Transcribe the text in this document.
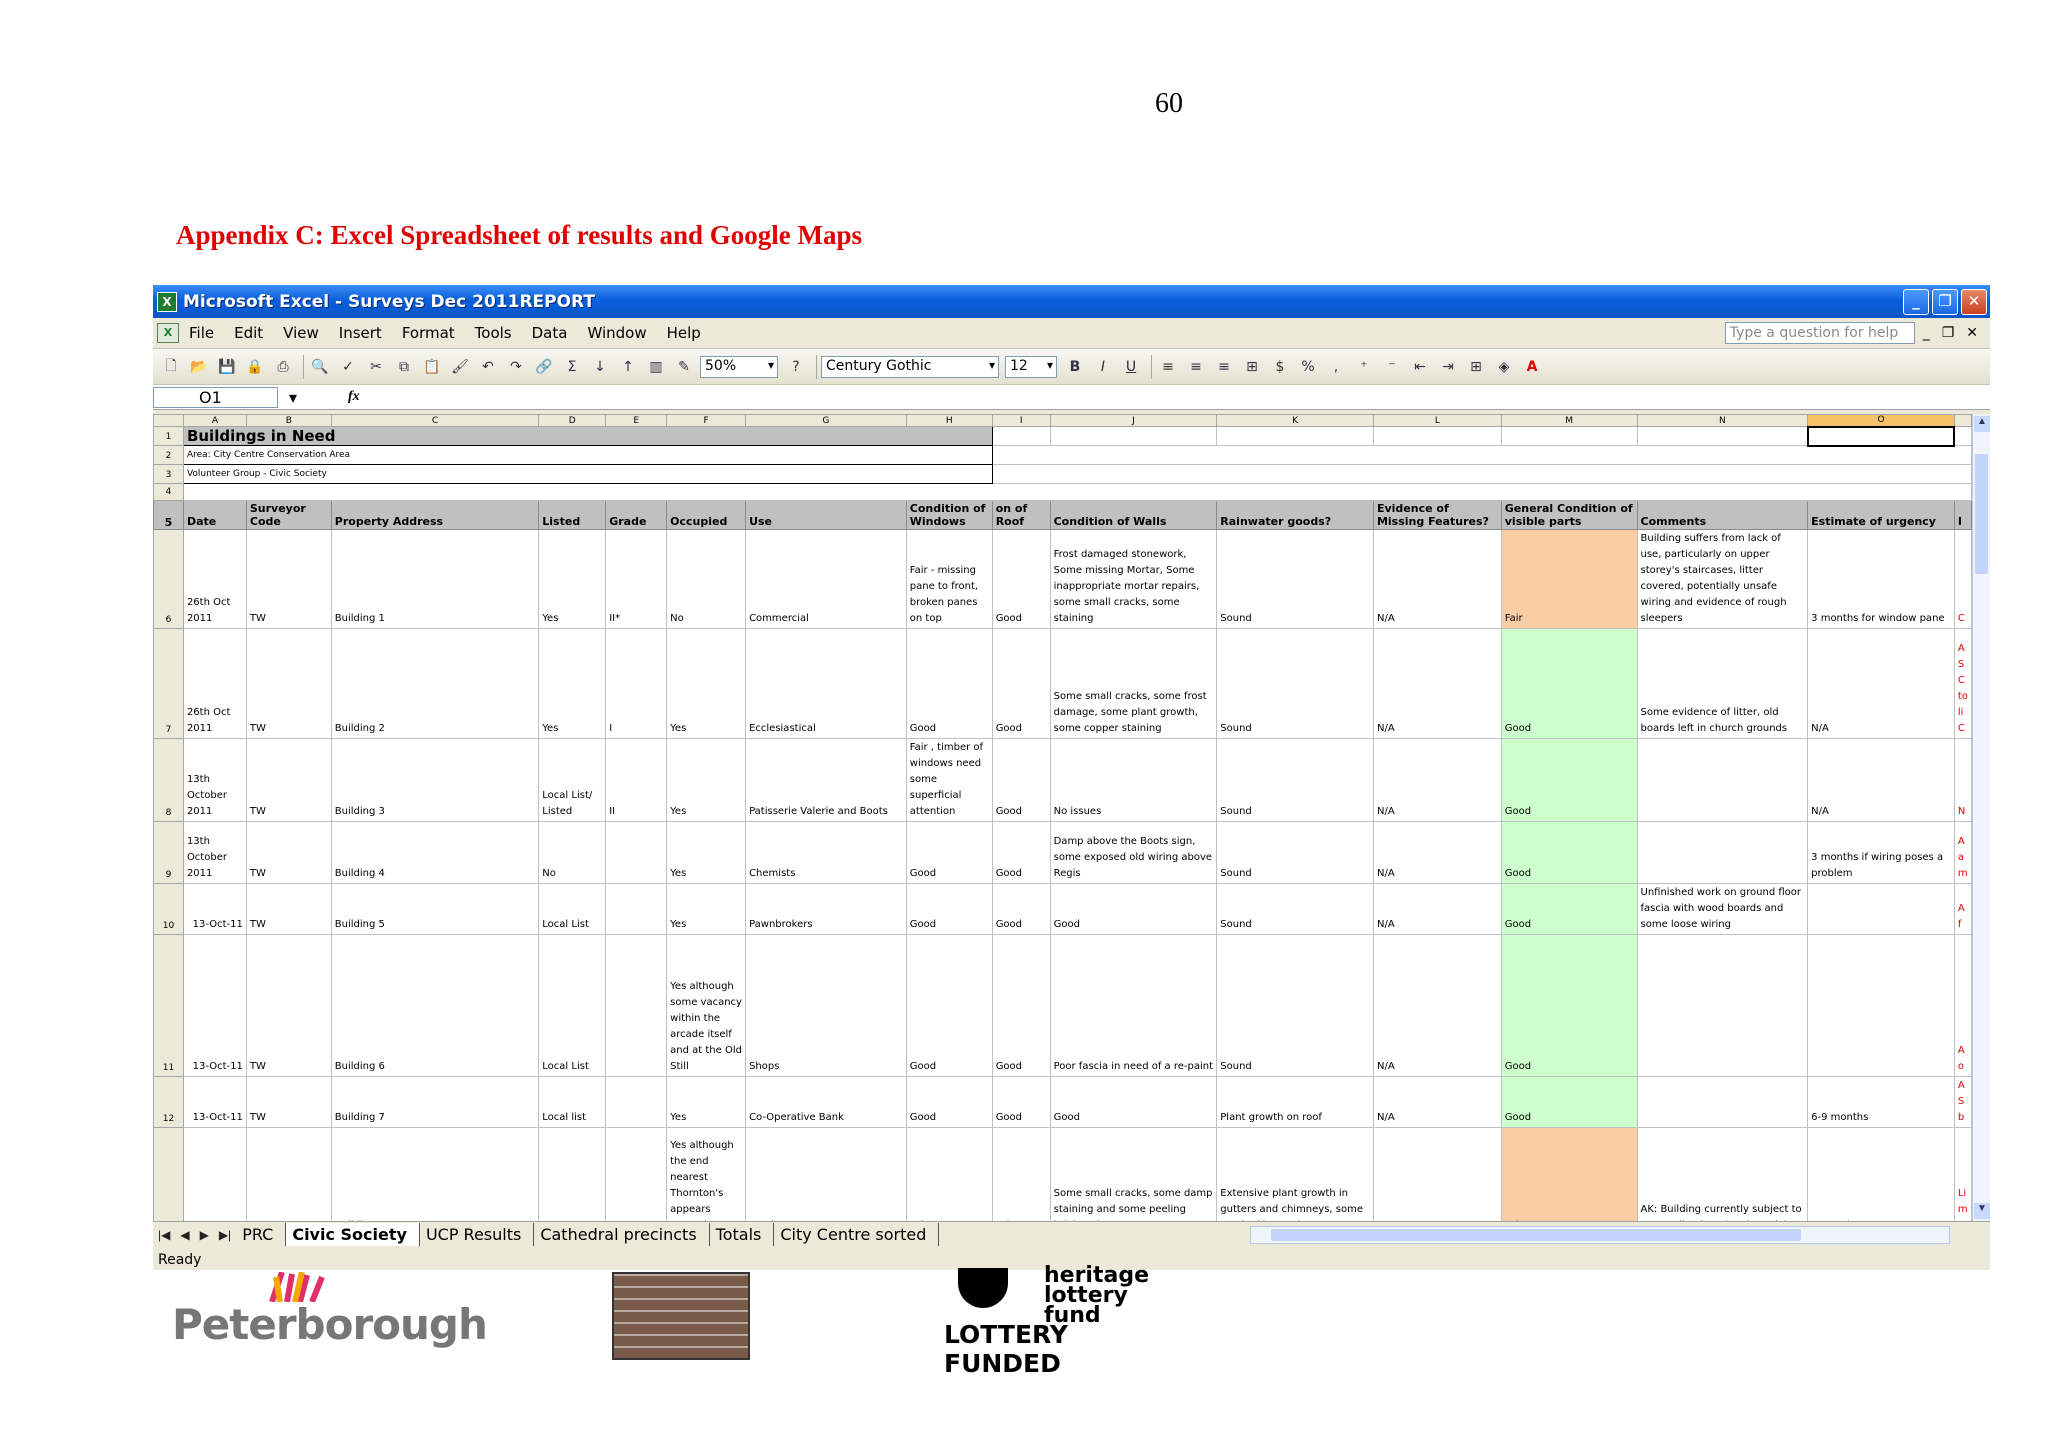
60
Appendix C: Excel Spreadsheet of results and Google Maps
X Microsoft Excel - Surveys Dec 2011REPORT	_	❐	✕
X	File Edit View Insert Format Tools Data Window Help	Type a question for help	_ ❐ ✕
🗋 📂 💾 🔒 ⎙	🔍 ✓	✂	⧉	📋 🖌 ↶	↷ 🔗	Σ	↓	↑	▥	✎	50% ▾	?	Century Gothic ▾	12 ▾	B	I	U	≡	≡	≡	⊞	$	%	,	⁺	⁻	⇤	⇥	⊞	◈	A
O1 ▾	fx
	A	B	C	D	E	F	G	H	I	J	K	L	M	N	O	
1	Buildings in Need															
2	Area: City Centre Conservation Area															
3	Volunteer Group - Civic Society															
4																
5	Date	Surveyor Code	Property Address	Listed	Grade	Occupied	Use	Condition of Windows	on of Roof	Condition of Walls	Rainwater goods?	Evidence of Missing Features?	General Condition of visible parts	Comments	Estimate of urgency	I
6	26th Oct 2011	TW	Building 1	Yes	II*	No	Commercial	Fair - missing pane to front, broken panes on top	Good	Frost damaged stonework, Some missing Mortar, Some inappropriate mortar repairs, some small cracks, some staining	Sound	N/A	Fair	Building suffers from lack of use, particularly on upper storey's staircases, litter covered, potentially unsafe wiring and evidence of rough sleepers	3 months for window pane	C
7	26th Oct 2011	TW	Building 2	Yes	I	Yes	Ecclesiastical	Good	Good	Some small cracks, some frost damage, some plant growth, some copper staining	Sound	N/A	Good	Some evidence of litter, old boards left in church grounds	N/A	A S C to li C
8	13th October 2011	TW	Building 3	Local List/ Listed	II	Yes	Patisserie Valerie and Boots	Fair , timber of windows need some superficial attention	Good	No issues	Sound	N/A	Good		N/A	N
9	13th October 2011	TW	Building 4	No		Yes	Chemists	Good	Good	Damp above the Boots sign, some exposed old wiring above Regis	Sound	N/A	Good		3 months if wiring poses a problem	A a m
10	13-Oct-11	TW	Building 5	Local List		Yes	Pawnbrokers	Good	Good	Good	Sound	N/A	Good	Unfinished work on ground floor fascia with wood boards and some loose wiring		A f
11	13-Oct-11	TW	Building 6	Local List		Yes although some vacancy within the arcade itself and at the Old Still	Shops	Good	Good	Poor fascia in need of a re-paint	Sound	N/A	Good			A o
12	13-Oct-11	TW	Building 7	Local list		Yes	Co-Operative Bank	Good	Good	Good	Plant growth on roof	N/A	Good		6-9 months	A S b
						Yes although the end nearest Thornton's appears				Some small cracks, some damp staining and some peeling	Extensive plant growth in gutters and chimneys, some			AK: Building currently subject to		Li m

▲
▼
|◀ ◀ ▶ ▶| PRC	Civic Society	UCP Results	Cathedral precincts	Totals	City Centre sorted
Ready
Peterborough
heritage lottery fund
LOTTERY FUNDED
